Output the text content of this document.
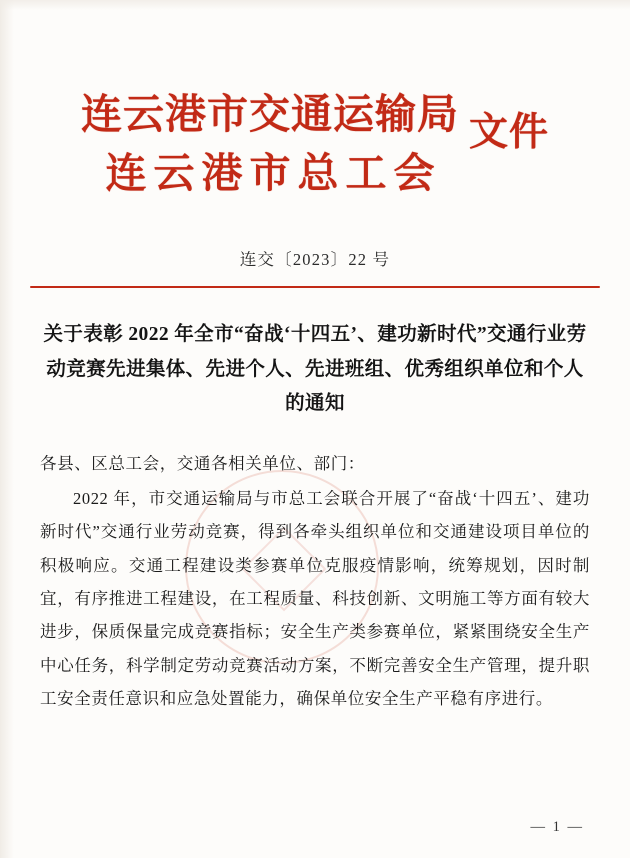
连云港市交通运输局
连云港市总工会
文件
连交〔2023〕22 号
关于表彰 2022 年全市“奋战‘十四五’、建功新时代”交通行业劳动竞赛先进集体、先进个人、先进班组、优秀组织单位和个人的通知
各县、区总工会，交通各相关单位、部门：
2022 年，市交通运输局与市总工会联合开展了“奋战‘十四五’、建功新时代”交通行业劳动竞赛，得到各牵头组织单位和交通建设项目单位的积极响应。交通工程建设类参赛单位克服疫情影响，统筹规划，因时制宜，有序推进工程建设，在工程质量、科技创新、文明施工等方面有较大进步，保质保量完成竞赛指标；安全生产类参赛单位，紧紧围绕安全生产中心任务，科学制定劳动竞赛活动方案，不断完善安全生产管理，提升职工安全责任意识和应急处置能力，确保单位安全生产平稳有序进行。
— 1 —
